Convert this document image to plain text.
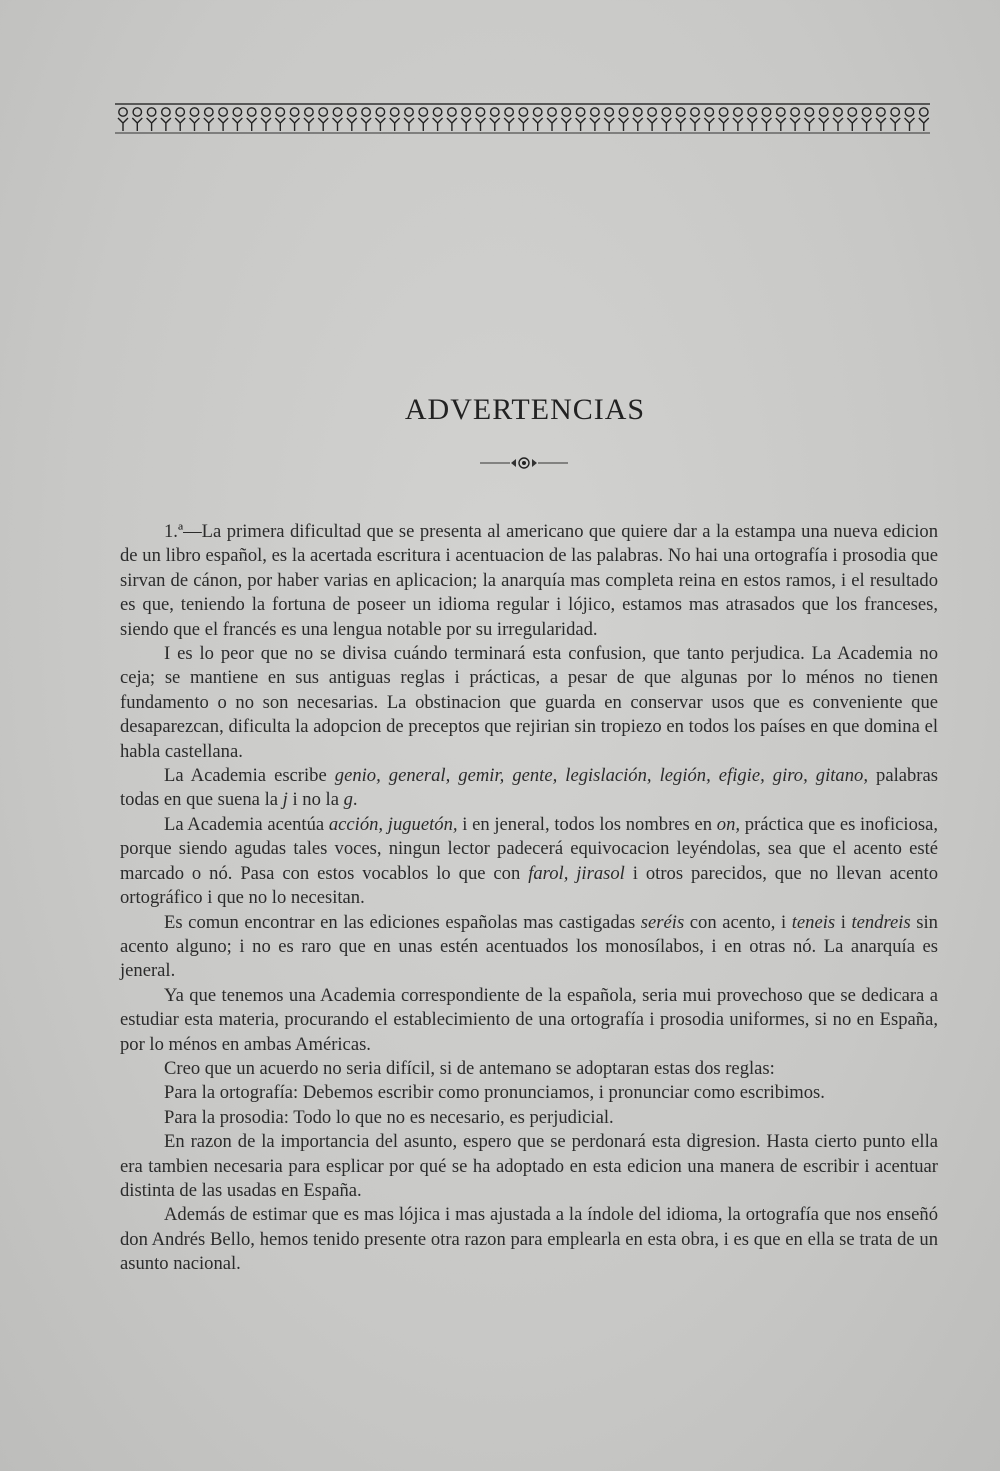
ADVERTENCIAS

1.ª—La primera dificultad que se presenta al americano que quiere dar a la estampa una nueva edicion de un libro español, es la acertada escritura i acentuacion de las palabras. No hai una ortografía i prosodia que sirvan de cánon, por haber varias en aplicacion; la anarquía mas completa reina en estos ramos, i el resultado es que, teniendo la fortuna de poseer un idioma regular i lójico, estamos mas atrasados que los franceses, siendo que el francés es una lengua notable por su irregularidad.

I es lo peor que no se divisa cuándo terminará esta confusion, que tanto perjudica. La Academia no ceja; se mantiene en sus antiguas reglas i prácticas, a pesar de que algunas por lo ménos no tienen fundamento o no son necesarias. La obstinacion que guarda en conservar usos que es conveniente que desaparezcan, dificulta la adopcion de preceptos que rejirian sin tropiezo en todos los países en que domina el habla castellana.

La Academia escribe genio, general, gemir, gente, legislación, legión, efigie, giro, gitano, palabras todas en que suena la j i no la g.

La Academia acentúa acción, juguetón, i en jeneral, todos los nombres en on, práctica que es inoficiosa, porque siendo agudas tales voces, ningun lector padecerá equivocacion leyéndolas, sea que el acento esté marcado o nó. Pasa con estos vocablos lo que con farol, jirasol i otros parecidos, que no llevan acento ortográfico i que no lo necesitan.

Es comun encontrar en las ediciones españolas mas castigadas seréis con acento, i teneis i tendreis sin acento alguno; i no es raro que en unas estén acentuados los monosílabos, i en otras nó. La anarquía es jeneral.

Ya que tenemos una Academia correspondiente de la española, seria mui provechoso que se dedicara a estudiar esta materia, procurando el establecimiento de una ortografía i prosodia uniformes, si no en España, por lo ménos en ambas Américas.

Creo que un acuerdo no seria difícil, si de antemano se adoptaran estas dos reglas:

Para la ortografía: Debemos escribir como pronunciamos, i pronunciar como escribimos.

Para la prosodia: Todo lo que no es necesario, es perjudicial.

En razon de la importancia del asunto, espero que se perdonará esta digresion. Hasta cierto punto ella era tambien necesaria para esplicar por qué se ha adoptado en esta edicion una manera de escribir i acentuar distinta de las usadas en España.

Además de estimar que es mas lójica i mas ajustada a la índole del idioma, la ortografía que nos enseñó don Andrés Bello, hemos tenido presente otra razon para emplearla en esta obra, i es que en ella se trata de un asunto nacional.
